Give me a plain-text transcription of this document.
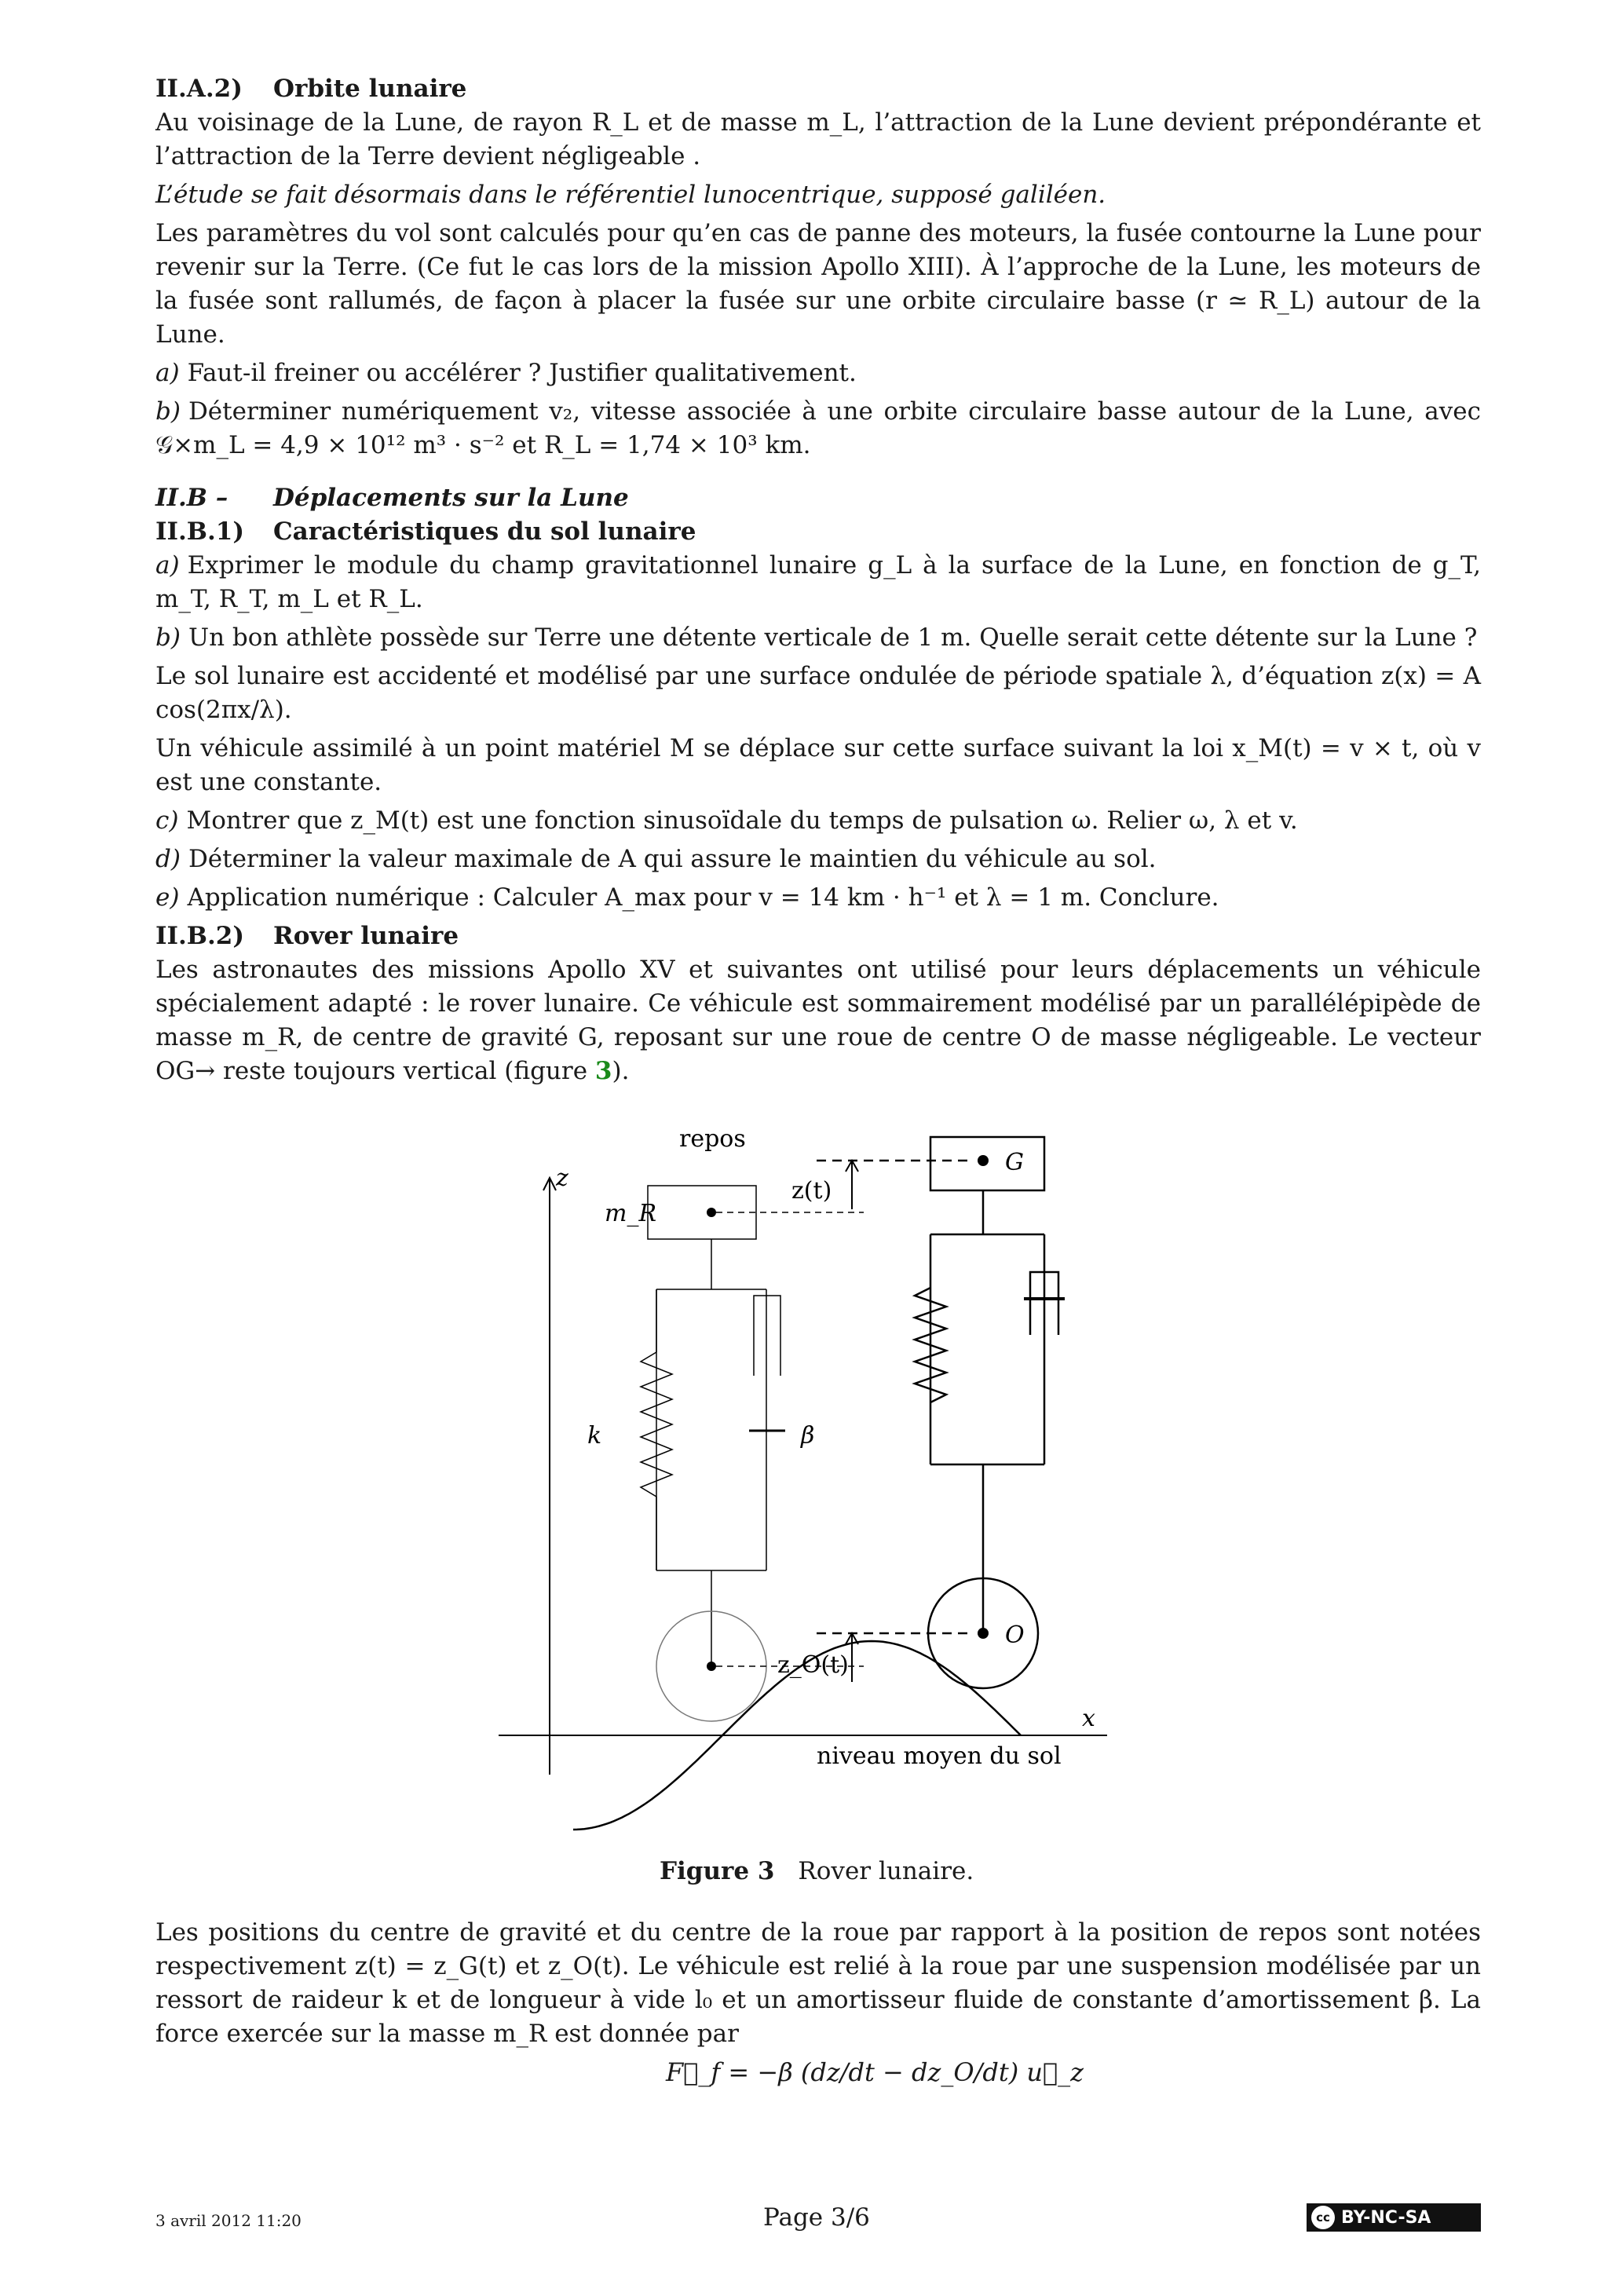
II.A.2) Orbite lunaire

Au voisinage de la Lune, de rayon R_L et de masse m_L, l’attraction de la Lune devient prépondérante et l’attraction de la Terre devient négligeable .

L’étude se fait désormais dans le référentiel lunocentrique, supposé galiléen.

Les paramètres du vol sont calculés pour qu’en cas de panne des moteurs, la fusée contourne la Lune pour revenir sur la Terre. (Ce fut le cas lors de la mission Apollo XIII). À l’approche de la Lune, les moteurs de la fusée sont rallumés, de façon à placer la fusée sur une orbite circulaire basse (r ≃ R_L) autour de la Lune.

a) Faut-il freiner ou accélérer ? Justifier qualitativement.

b) Déterminer numériquement v₂, vitesse associée à une orbite circulaire basse autour de la Lune, avec 𝒢×m_L = 4,9 × 10¹² m³ · s⁻² et R_L = 1,74 × 10³ km.

II.B – Déplacements sur la Lune
II.B.1) Caractéristiques du sol lunaire

a) Exprimer le module du champ gravitationnel lunaire g_L à la surface de la Lune, en fonction de g_T, m_T, R_T, m_L et R_L.

b) Un bon athlète possède sur Terre une détente verticale de 1 m. Quelle serait cette détente sur la Lune ?

Le sol lunaire est accidenté et modélisé par une surface ondulée de période spatiale λ, d’équation z(x) = A cos(2πx/λ).

Un véhicule assimilé à un point matériel M se déplace sur cette surface suivant la loi x_M(t) = v × t, où v est une constante.

c) Montrer que z_M(t) est une fonction sinusoïdale du temps de pulsation ω. Relier ω, λ et v.

d) Déterminer la valeur maximale de A qui assure le maintien du véhicule au sol.

e) Application numérique : Calculer A_max pour v = 14 km · h⁻¹ et λ = 1 m. Conclure.

II.B.2) Rover lunaire

Les astronautes des missions Apollo XV et suivantes ont utilisé pour leurs déplacements un véhicule spécialement adapté : le rover lunaire. Ce véhicule est sommairement modélisé par un parallélépipède de masse m_R, de centre de gravité G, reposant sur une roue de centre O de masse négligeable. Le vecteur OG→ reste toujours vertical (figure 3).

z
x
repos
niveau moyen du sol
m_R
k	β
G
z(t)
O
z_O(t)
Figure 3 Rover lunaire.

Les positions du centre de gravité et du centre de la roue par rapport à la position de repos sont notées respectivement z(t) = z_G(t) et z_O(t). Le véhicule est relié à la roue par une suspension modélisée par un ressort de raideur k et de longueur à vide l₀ et un amortisseur fluide de constante d’amortissement β. La force exercée sur la masse m_R est donnée par

F⃗_f = −β (dz/dt − dz_O/dt) u⃗_z
3 avril 2012 11:20	Page 3/6	cc BY-NC-SA
